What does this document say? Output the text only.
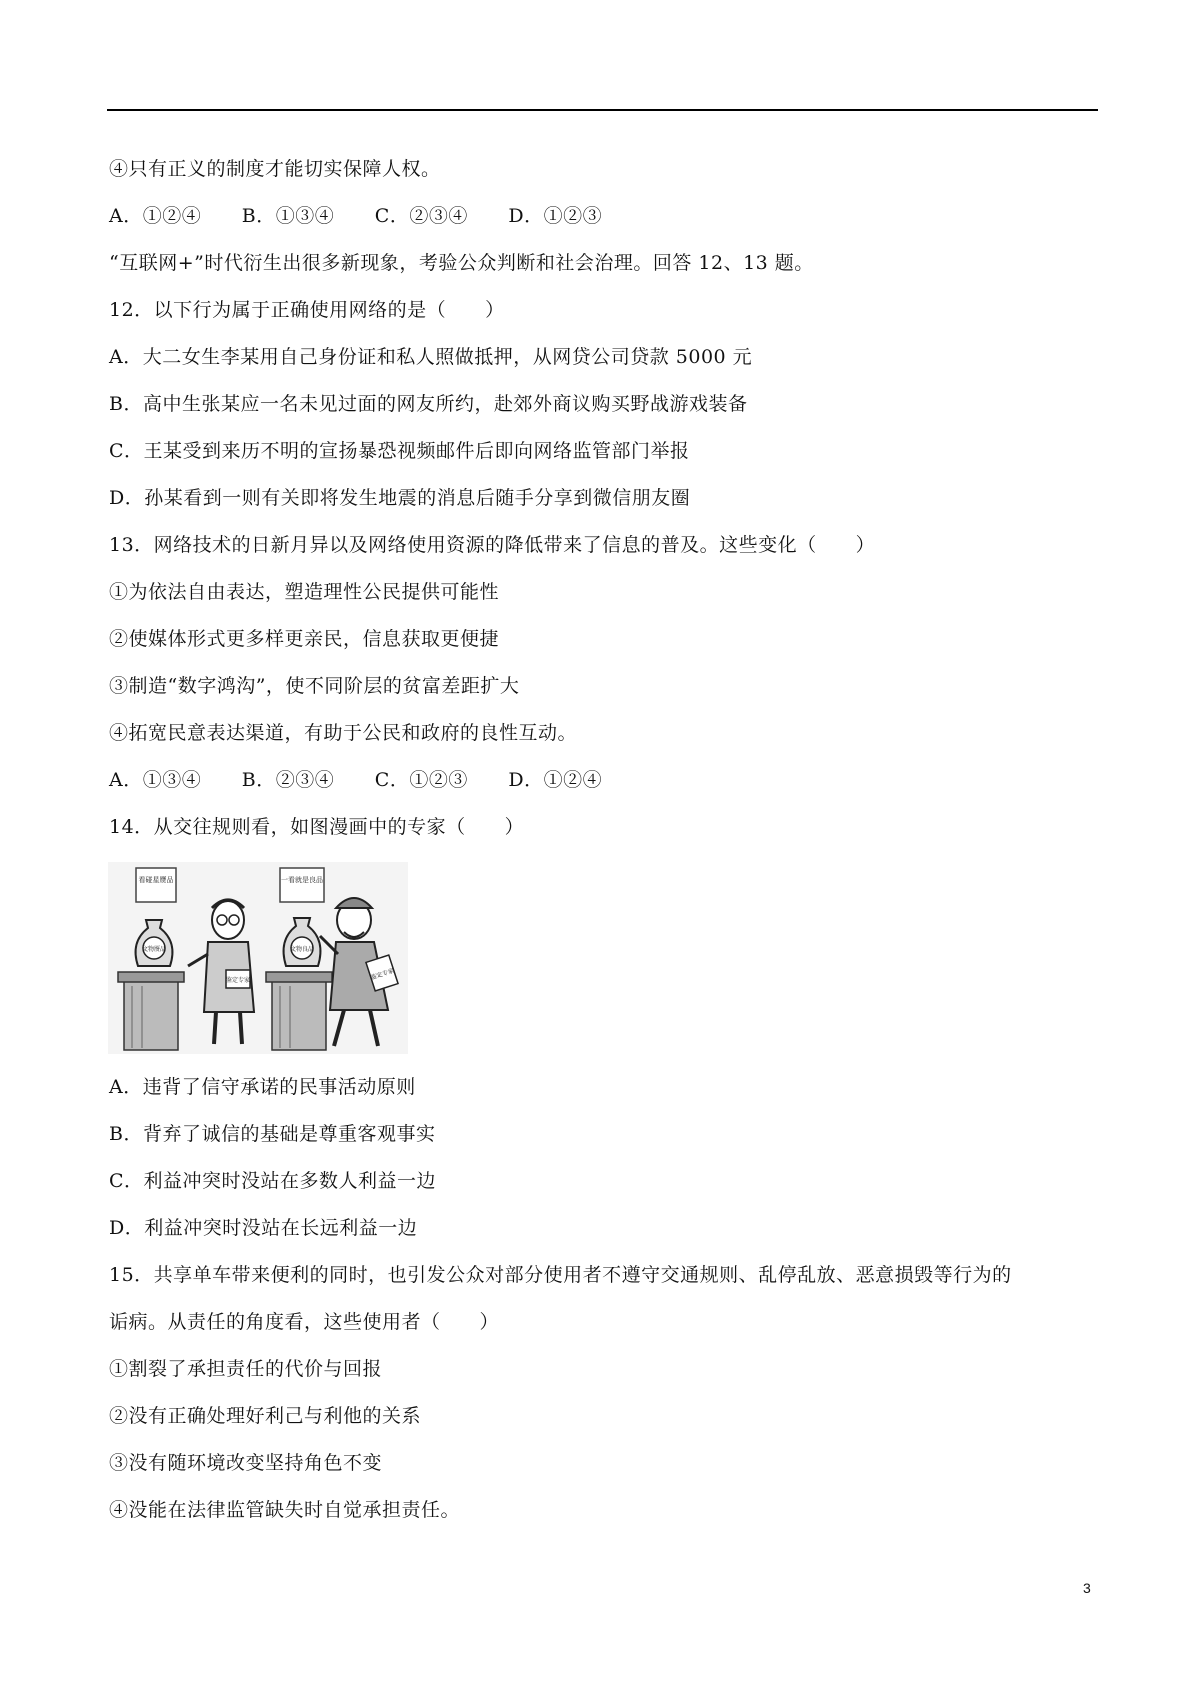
④只有正义的制度才能切实保障人权。
A．①②④ B．①③④ C．②③④ D．①②③
“互联网+”时代衍生出很多新现象，考验公众判断和社会治理。回答 12、13 题。
12．以下行为属于正确使用网络的是（　　）
A．大二女生李某用自己身份证和私人照做抵押，从网贷公司贷款 5000 元
B．高中生张某应一名未见过面的网友所约，赴郊外商议购买野战游戏装备
C．王某受到来历不明的宣扬暴恐视频邮件后即向网络监管部门举报
D．孙某看到一则有关即将发生地震的消息后随手分享到微信朋友圈
13．网络技术的日新月异以及网络使用资源的降低带来了信息的普及。这些变化（　　）
①为依法自由表达，塑造理性公民提供可能性
②使媒体形式更多样更亲民，信息获取更便捷
③制造“数字鸿沟”，使不同阶层的贫富差距扩大
④拓宽民意表达渠道，有助于公民和政府的良性互动。
A．①③④ B．②③④ C．①②③ D．①②④
14．从交往规则看，如图漫画中的专家（　　）
看碰星赝品	一看就是良品
文物赝品
鉴定专家
文物良品
鉴定专家
A．违背了信守承诺的民事活动原则
B．背弃了诚信的基础是尊重客观事实
C．利益冲突时没站在多数人利益一边
D．利益冲突时没站在长远利益一边
15．共享单车带来便利的同时，也引发公众对部分使用者不遵守交通规则、乱停乱放、恶意损毁等行为的
诟病。从责任的角度看，这些使用者（　　）
①割裂了承担责任的代价与回报
②没有正确处理好利己与利他的关系
③没有随环境改变坚持角色不变
④没能在法律监管缺失时自觉承担责任。
3
